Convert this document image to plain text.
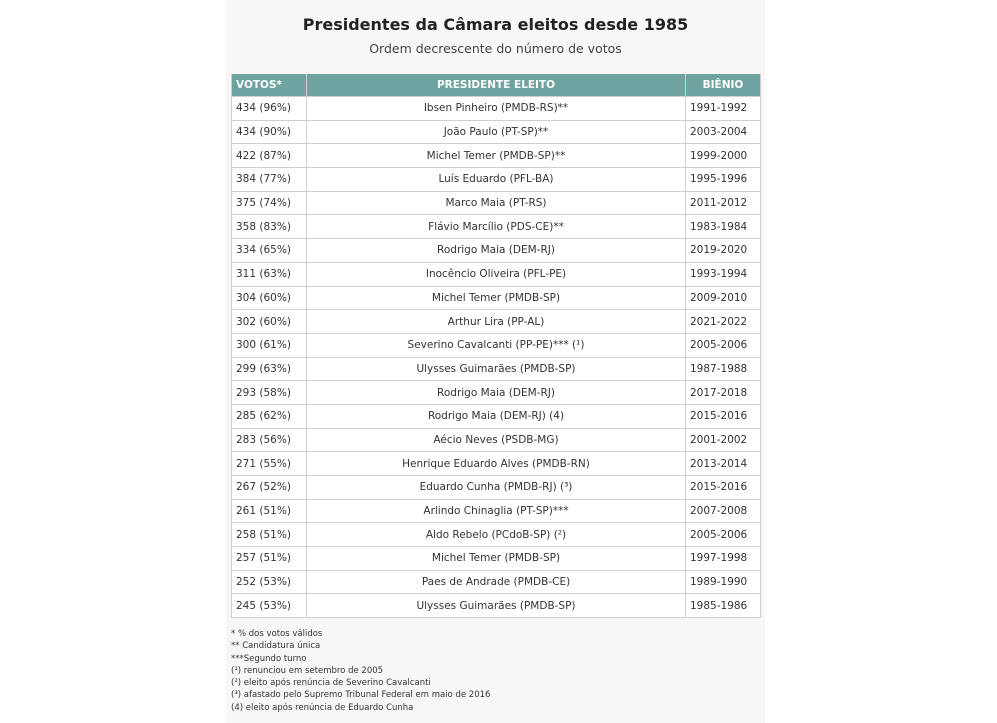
Presidentes da Câmara eleitos desde 1985
Ordem decrescente do número de votos
VOTOS*	PRESIDENTE ELEITO	BIÊNIO
434 (96%)	Ibsen Pinheiro (PMDB-RS)**	1991-1992
434 (90%)	João Paulo (PT-SP)**	2003-2004
422 (87%)	Michel Temer (PMDB-SP)**	1999-2000
384 (77%)	Luís Eduardo (PFL-BA)	1995-1996
375 (74%)	Marco Maia (PT-RS)	2011-2012
358 (83%)	Flávio Marcílio (PDS-CE)**	1983-1984
334 (65%)	Rodrigo Maia (DEM-RJ)	2019-2020
311 (63%)	Inocêncio Oliveira (PFL-PE)	1993-1994
304 (60%)	Michel Temer (PMDB-SP)	2009-2010
302 (60%)	Arthur Lira (PP-AL)	2021-2022
300 (61%)	Severino Cavalcanti (PP-PE)*** (¹)	2005-2006
299 (63%)	Ulysses Guimarães (PMDB-SP)	1987-1988
293 (58%)	Rodrigo Maia (DEM-RJ)	2017-2018
285 (62%)	Rodrigo Maia (DEM-RJ) (4)	2015-2016
283 (56%)	Aécio Neves (PSDB-MG)	2001-2002
271 (55%)	Henrique Eduardo Alves (PMDB-RN)	2013-2014
267 (52%)	Eduardo Cunha (PMDB-RJ) (³)	2015-2016
261 (51%)	Arlindo Chinaglia (PT-SP)***	2007-2008
258 (51%)	Aldo Rebelo (PCdoB-SP) (²)	2005-2006
257 (51%)	Michel Temer (PMDB-SP)	1997-1998
252 (53%)	Paes de Andrade (PMDB-CE)	1989-1990
245 (53%)	Ulysses Guimarães (PMDB-SP)	1985-1986
* % dos votos válidos
** Candidatura única
***Segundo turno
(¹) renunciou em setembro de 2005
(²) eleito após renúncia de Severino Cavalcanti
(³) afastado pelo Supremo Tribunal Federal em maio de 2016
(4) eleito após renúncia de Eduardo Cunha
